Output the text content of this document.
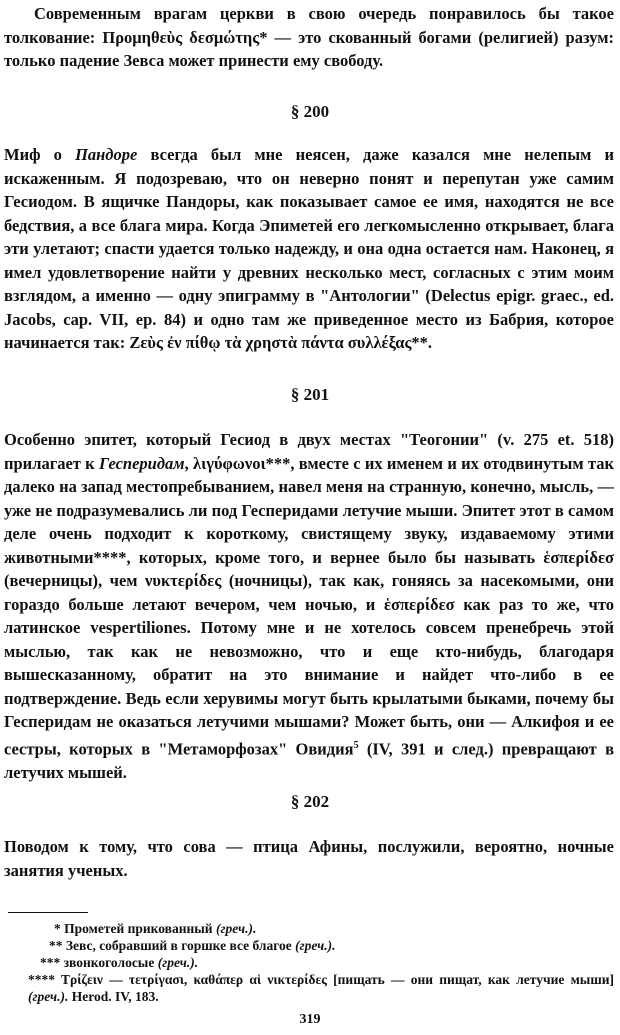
Современным врагам церкви в свою очередь понравилось бы такое толкование: Προμηθεὺς δεσμώτης* — это скованный богами (религией) разум: только падение Зевса может принести ему свободу.
§ 200
Миф о Пандоре всегда был мне неясен, даже казался мне нелепым и искаженным. Я подозреваю, что он неверно понят и перепутан уже самим Гесиодом. В ящичке Пандоры, как показывает самое ее имя, находятся не все бедствия, а все блага мира. Когда Эпиметей его легкомысленно открывает, блага эти улетают; спасти удается только надежду, и она одна остается нам. Наконец, я имел удовлетворение найти у древних несколько мест, согласных с этим моим взглядом, а именно — одну эпиграмму в "Антологии" (Delectus epigr. graec., ed. Jacobs, cap. VII, ep. 84) и одно там же приведенное место из Бабрия, которое начинается так: Ζεὺς ἐν πίθῳ τὰ χρηστὰ πάντα συλλέξας**.
§ 201
Особенно эпитет, который Гесиод в двух местах "Теогонии" (v. 275 et. 518) прилагает к Гесперидам, λιγύφωνοι***, вместе с их именем и их отодвинутым так далеко на запад местопребыванием, навел меня на странную, конечно, мысль, — уже не подразумевались ли под Гесперидами летучие мыши. Эпитет этот в самом деле очень подходит к короткому, свистящему звуку, издаваемому этими животными****, которых, кроме того, и вернее было бы называть ἑσπερίδεσ (вечерницы), чем νυκτερίδες (ночницы), так как, гоняясь за насекомыми, они гораздо больше летают вечером, чем ночью, и ἑσπερίδεσ как раз то же, что латинское vespertiliones. Потому мне и не хотелось совсем пренебречь этой мыслью, так как не невозможно, что и еще кто-нибудь, благодаря вышесказанному, обратит на это внимание и найдет что-либо в ее подтверждение. Ведь если херувимы могут быть крылатыми быками, почему бы Гесперидам не оказаться летучими мышами? Может быть, они — Алкифоя и ее сестры, которых в "Метаморфозах" Овидия$^5$ (IV, 391 и след.) превращают в летучих мышей.
§ 202
Поводом к тому, что сова — птица Афины, послужили, вероятно, ночные занятия ученых.
* Прометей прикованный (греч.).
** Зевс, собравший в горшке все благое (греч.).
*** звонкоголосые (греч.).
**** Τρίζειν — τετρίγασι, καθάπερ αἱ νικτερίδες [пищать — они пищат, как летучие мыши] (греч.). Herod. IV, 183.
319
